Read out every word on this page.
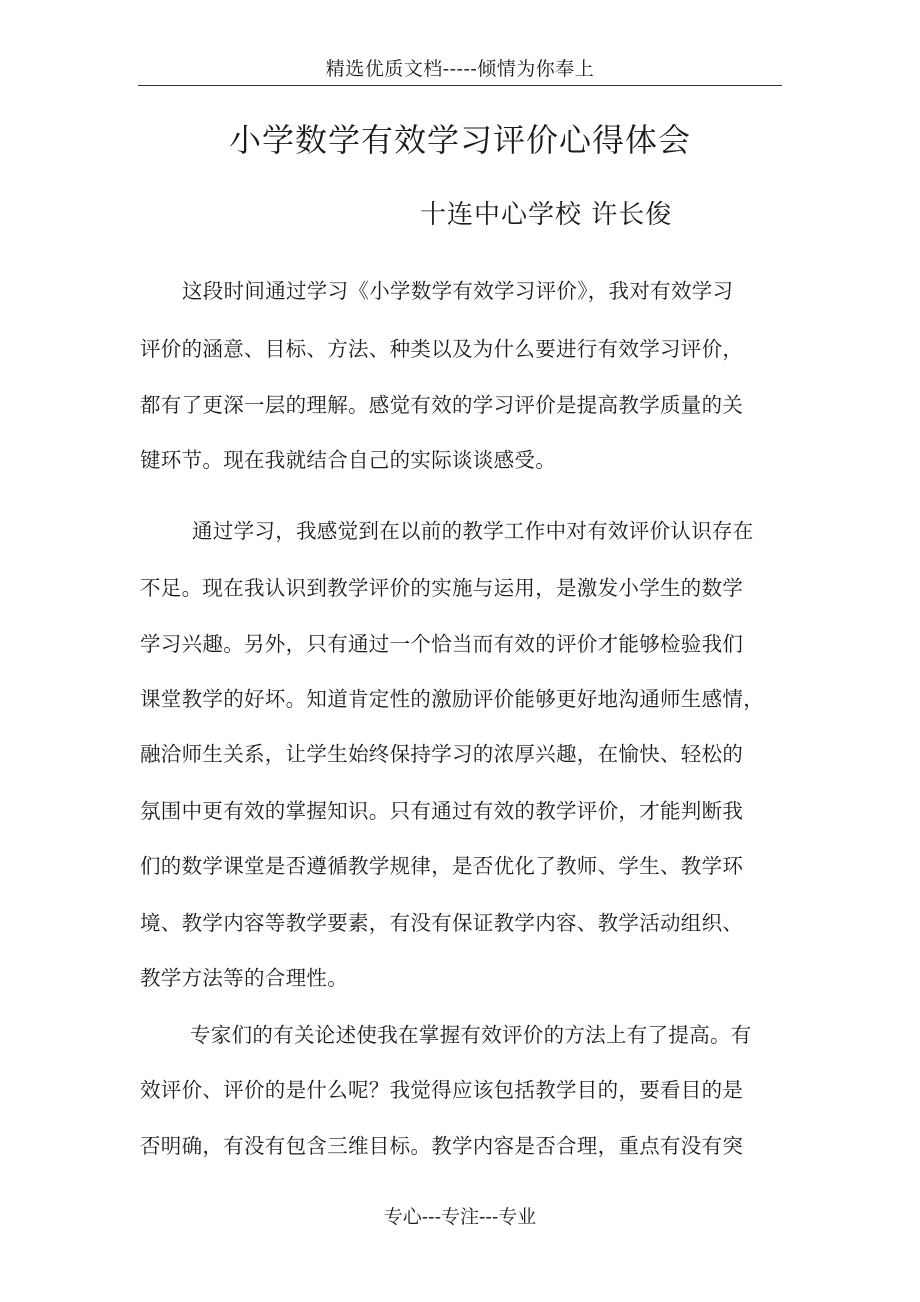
精选优质文档-----倾情为你奉上
小学数学有效学习评价心得体会
十连中心学校 许长俊
这段时间通过学习《小学数学有效学习评价》，我对有效学习
评价的涵意、目标、方法、种类以及为什么要进行有效学习评价，
都有了更深一层的理解。感觉有效的学习评价是提高教学质量的关
键环节。现在我就结合自己的实际谈谈感受。
通过学习，我感觉到在以前的教学工作中对有效评价认识存在
不足。现在我认识到教学评价的实施与运用，是激发小学生的数学
学习兴趣。另外，只有通过一个恰当而有效的评价才能够检验我们
课堂教学的好坏。知道肯定性的激励评价能够更好地沟通师生感情，
融洽师生关系，让学生始终保持学习的浓厚兴趣，在愉快、轻松的
氛围中更有效的掌握知识。只有通过有效的教学评价，才能判断我
们的数学课堂是否遵循教学规律，是否优化了教师、学生、教学环
境、教学内容等教学要素，有没有保证教学内容、教学活动组织、
教学方法等的合理性。
专家们的有关论述使我在掌握有效评价的方法上有了提高。有
效评价、评价的是什么呢？我觉得应该包括教学目的，要看目的是
否明确，有没有包含三维目标。教学内容是否合理，重点有没有突
专心---专注---专业
